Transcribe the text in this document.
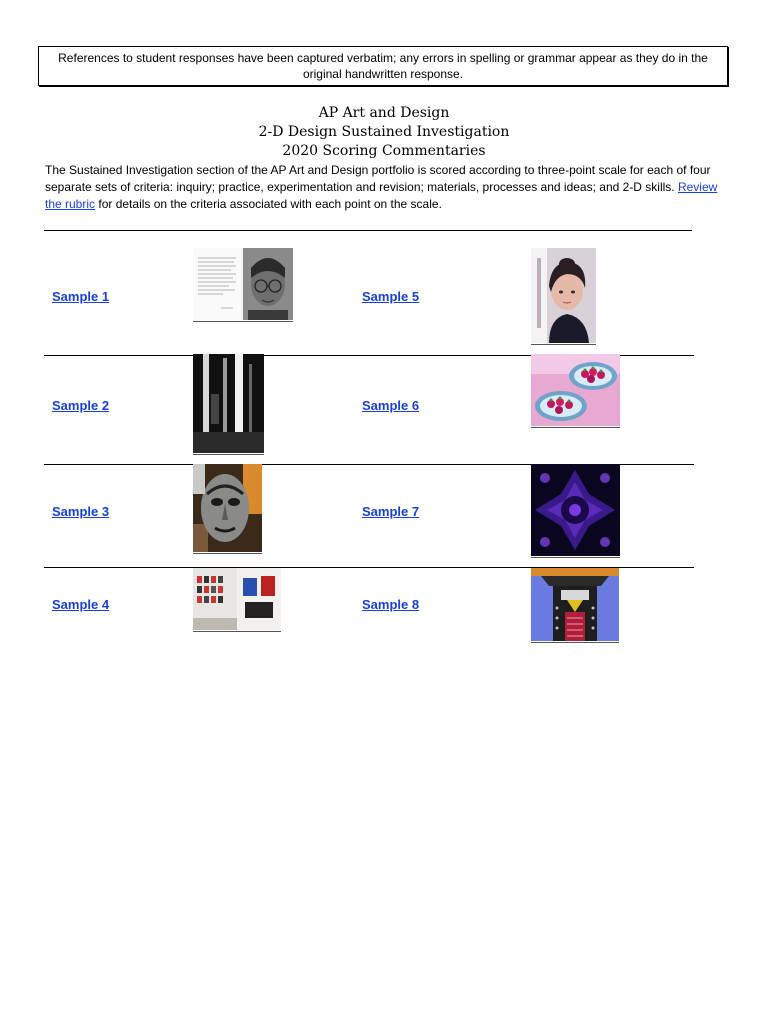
References to student responses have been captured verbatim; any errors in spelling or grammar appear as they do in the original handwritten response.
AP Art and Design
2-D Design Sustained Investigation
2020 Scoring Commentaries
The Sustained Investigation section of the AP Art and Design portfolio is scored according to three-point scale for each of four separate sets of criteria: inquiry; practice, experimentation and revision; materials, processes and ideas; and 2-D skills. Review the rubric for details on the criteria associated with each point on the scale.
Sample 1
Sample 2
Sample 3
Sample 4
Sample 5
Sample 6
Sample 7
Sample 8
